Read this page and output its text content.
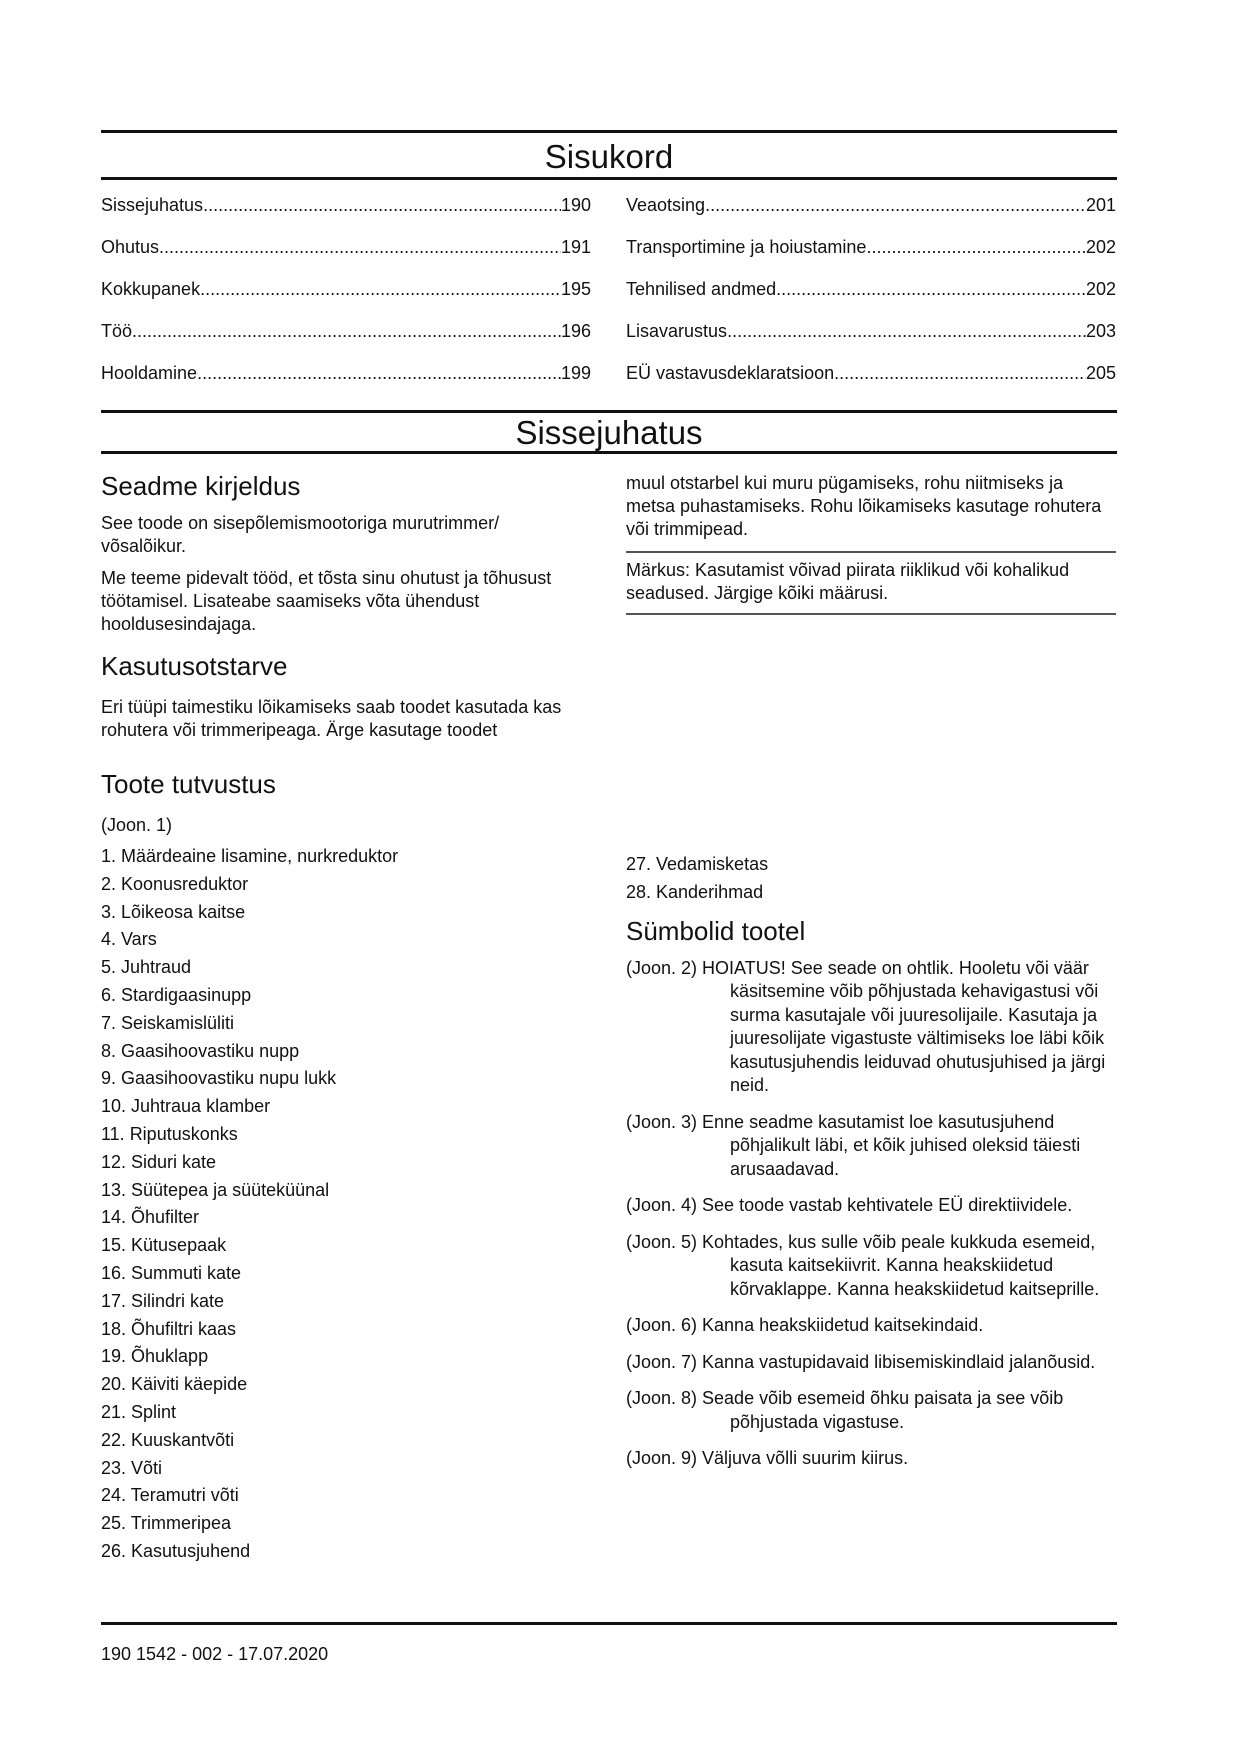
Sisukord
Sissejuhatus .....	190
Ohutus .....	191
Kokkupanek .....	195
Töö .....	196
Hooldamine .....	199
Veaotsing .....	201
Transportimine ja hoiustamine .....	202
Tehnilised andmed .....	202
Lisavarustus .....	203
EÜ vastavusdeklaratsioon .....	205
Sissejuhatus
Seadme kirjeldus

See toode on sisepõlemismootoriga murutrimmer/ võsalõikur.

Me teeme pidevalt tööd, et tõsta sinu ohutust ja tõhusust töötamisel. Lisateabe saamiseks võta ühendust hooldusesindajaga.

Kasutusotstarve

Eri tüüpi taimestiku lõikamiseks saab toodet kasutada kas rohutera või trimmeripeaga. Ärge kasutage toodet

Toote tutvustus

(Joon. 1)

1. Määrdeaine lisamine, nurkreduktor
2. Koonusreduktor
3. Lõikeosa kaitse
4. Vars
5. Juhtraud
6. Stardigaasinupp
7. Seiskamislüliti
8. Gaasihoovastiku nupp
9. Gaasihoovastiku nupu lukk
10. Juhtraua klamber
11. Riputuskonks
12. Siduri kate
13. Süütepea ja süüteküünal
14. Õhufilter
15. Kütusepaak
16. Summuti kate
17. Silindri kate
18. Õhufiltri kaas
19. Õhuklapp
20. Käiviti käepide
21. Splint
22. Kuuskantvõti
23. Võti
24. Teramutri võti
25. Trimmeripea
26. Kasutusjuhend

muul otstarbel kui muru pügamiseks, rohu niitmiseks ja metsa puhastamiseks. Rohu lõikamiseks kasutage rohutera või trimmipead.

Märkus: Kasutamist võivad piirata riiklikud või kohalikud seadused. Järgige kõiki määrusi.
27. Vedamisketas
28. Kanderihmad
Sümbolid tootel
(Joon. 2) HOIATUS! See seade on ohtlik. Hooletu või väär käsitsemine võib põhjustada kehavigastusi või surma kasutajale või juuresolijaile. Kasutaja ja juuresolijate vigastuste vältimiseks loe läbi kõik kasutusjuhendis leiduvad ohutusjuhised ja järgi neid.
(Joon. 3) Enne seadme kasutamist loe kasutusjuhend põhjalikult läbi, et kõik juhised oleksid täiesti arusaadavad.
(Joon. 4) See toode vastab kehtivatele EÜ direktiividele.
(Joon. 5) Kohtades, kus sulle võib peale kukkuda esemeid, kasuta kaitsekiivrit. Kanna heakskiidetud kõrvaklappe. Kanna heakskiidetud kaitseprille.
(Joon. 6) Kanna heakskiidetud kaitsekindaid.
(Joon. 7) Kanna vastupidavaid libisemiskindlaid jalanõusid.
(Joon. 8) Seade võib esemeid õhku paisata ja see võib põhjustada vigastuse.
(Joon. 9) Väljuva võlli suurim kiirus.
190 1542 - 002 - 17.07.2020
